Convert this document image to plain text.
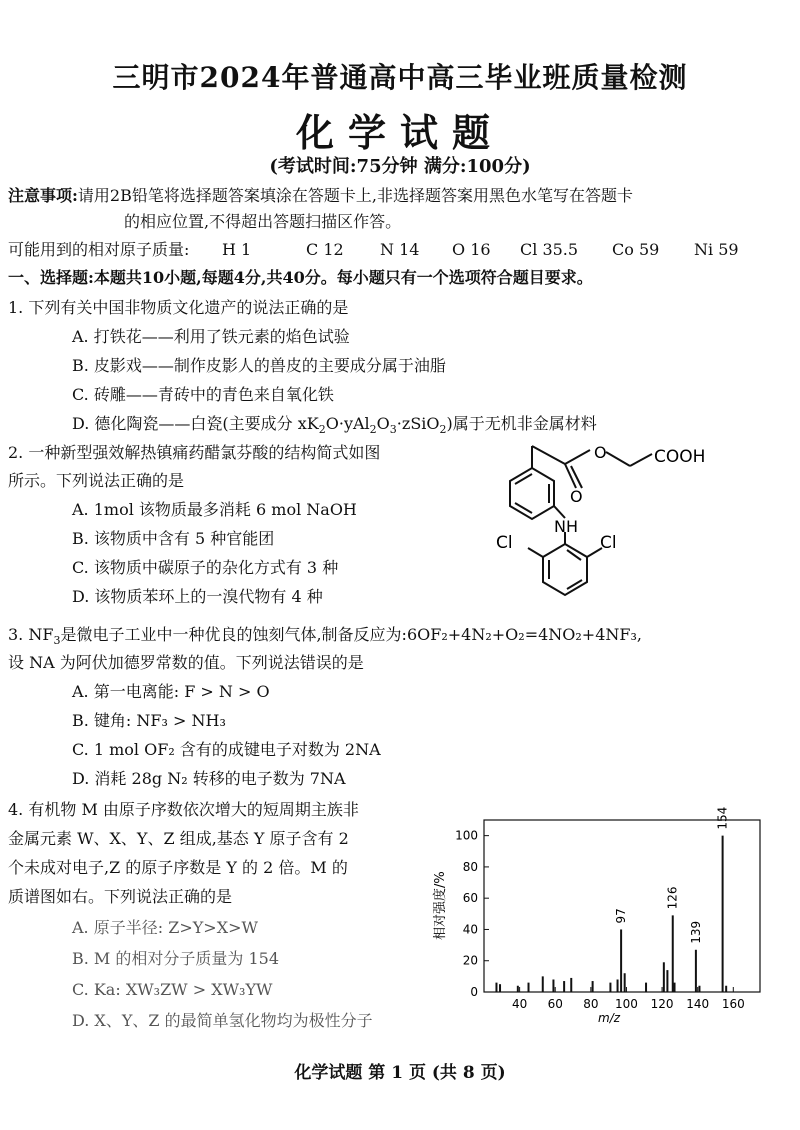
三明市2024年普通高中高三毕业班质量检测
化学试题
(考试时间:75分钟 满分:100分)
注意事项:请用2B铅笔将选择题答案填涂在答题卡上,非选择题答案用黑色水笔写在答题卡
的相应位置,不得超出答题扫描区作答。
可能用到的相对原子质量: H 1	C 12 N 14 O 16 Cl 35.5 Co 59 Ni 59
一、选择题:本题共10小题,每题4分,共40分。每小题只有一个选项符合题目要求。
1. 下列有关中国非物质文化遗产的说法正确的是
A. 打铁花——利用了铁元素的焰色试验
B. 皮影戏——制作皮影人的兽皮的主要成分属于油脂
C. 砖雕——青砖中的青色来自氧化铁
D. 德化陶瓷——白瓷(主要成分 $xK_2O\cdot yAl_2O_3\cdot zSiO_2$)属于无机非金属材料
2. 一种新型强效解热镇痛药醋氯芬酸的结构简式如图
所示。下列说法正确的是
A. 1mol 该物质最多消耗 6 mol NaOH
B. 该物质中含有 5 种官能团
C. 该物质中碳原子的杂化方式有 3 种
D. 该物质苯环上的一溴代物有 4 种
O
O
COOH
NH
Cl	Cl
3. $NF_3$是微电子工业中一种优良的蚀刻气体,制备反应为:6OF₂+4N₂+O₂=4NO₂+4NF₃,
设 NA 为阿伏加德罗常数的值。下列说法错误的是
A. 第一电离能: F > N > O
B. 键角: NF₃ > NH₃
C. 1 mol OF₂ 含有的成键电子对数为 2NA
D. 消耗 28g N₂ 转移的电子数为 7NA
4. 有机物 M 由原子序数依次增大的短周期主族非
金属元素 W、X、Y、Z 组成,基态 Y 原子含有 2
个未成对电子,Z 的原子序数是 Y 的 2 倍。M 的
质谱图如右。下列说法正确的是
A. 原子半径: Z>Y>X>W
B. M 的相对分子质量为 154
C. Ka: XW₃ZW > XW₃YW
D. X、Y、Z 的最简单氢化物均为极性分子
0
20
40
60
80
100
40 60 80 100 120 140 160
97
126
139
154
相对强度/%
m/z
化学试题 第 1 页 (共 8 页)
